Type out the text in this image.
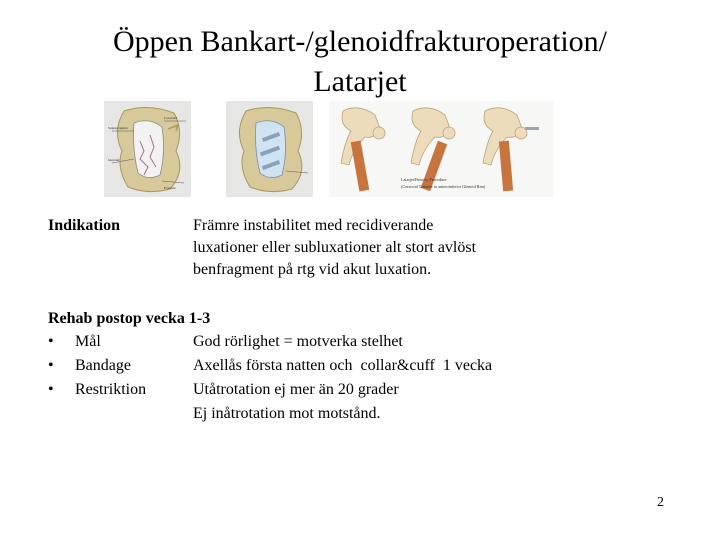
Öppen Bankart-/glenoidfrakturoperation/
Latarjet
Suprascapular
Coracoid
Glenoid
Fracture
Latarjet/Bristow Procedure
(Coracoid Transfer to anteroinferior Glenoid Rim)
Indikation	Främre instabilitet med recidiverande
luxationer eller subluxationer alt stort avlöst
benfragment på rtg vid akut luxation.
Rehab postop vecka 1-3
• Mål	God rörlighet = motverka stelhet
• Bandage	Axellås första natten och  collar&cuff  1 vecka
• Restriktion	Utåtrotation ej mer än 20 grader
Ej inåtrotation mot motstånd.
2
